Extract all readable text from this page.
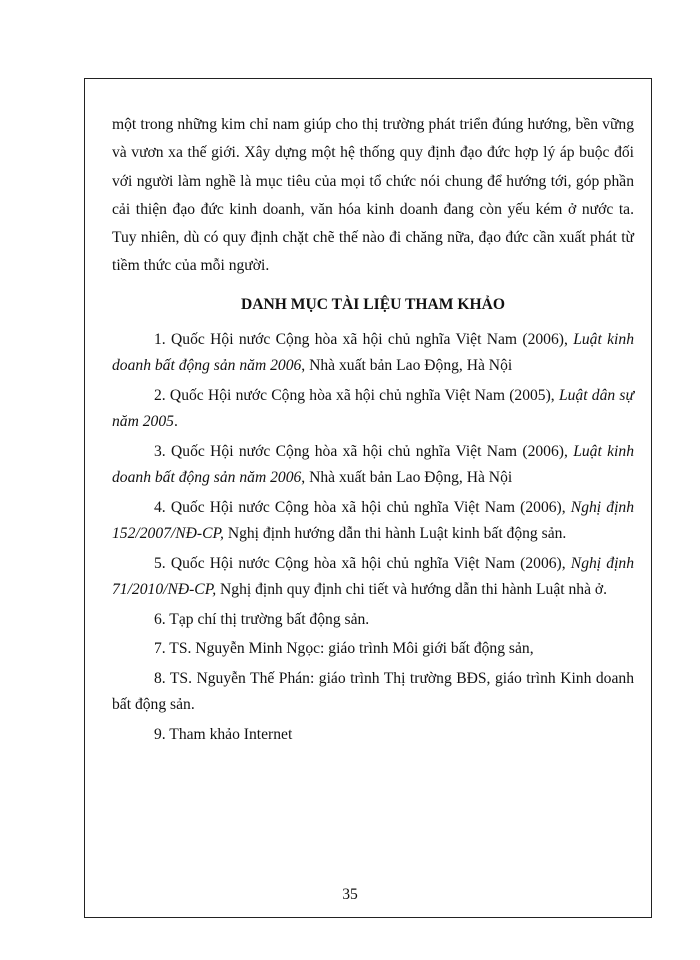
một trong những kim chỉ nam giúp cho thị trường phát triển đúng hướng, bền vững và vươn xa thế giới. Xây dựng một hệ thống quy định đạo đức hợp lý áp buộc đối với người làm nghề là mục tiêu của mọi tổ chức nói chung để hướng tới, góp phần cải thiện đạo đức kinh doanh, văn hóa kinh doanh đang còn yếu kém ở nước ta. Tuy nhiên, dù có quy định chặt chẽ thế nào đi chăng nữa, đạo đức cần xuất phát từ tiềm thức của mỗi người.

DANH MỤC TÀI LIỆU THAM KHẢO
1. Quốc Hội nước Cộng hòa xã hội chủ nghĩa Việt Nam (2006), Luật kinh doanh bất động sản năm 2006, Nhà xuất bản Lao Động, Hà Nội
2. Quốc Hội nước Cộng hòa xã hội chủ nghĩa Việt Nam (2005), Luật dân sự năm 2005.
3. Quốc Hội nước Cộng hòa xã hội chủ nghĩa Việt Nam (2006), Luật kinh doanh bất động sản năm 2006, Nhà xuất bản Lao Động, Hà Nội
4. Quốc Hội nước Cộng hòa xã hội chủ nghĩa Việt Nam (2006), Nghị định 152/2007/NĐ-CP, Nghị định hướng dẫn thi hành Luật kinh bất động sản.
5. Quốc Hội nước Cộng hòa xã hội chủ nghĩa Việt Nam (2006), Nghị định 71/2010/NĐ-CP, Nghị định quy định chi tiết và hướng dẫn thi hành Luật nhà ở.
6. Tạp chí thị trường bất động sản.
7. TS. Nguyễn Minh Ngọc: giáo trình Môi giới bất động sản,
8. TS. Nguyễn Thế Phán: giáo trình Thị trường BĐS, giáo trình Kinh doanh bất động sản.
9. Tham khảo Internet
35
